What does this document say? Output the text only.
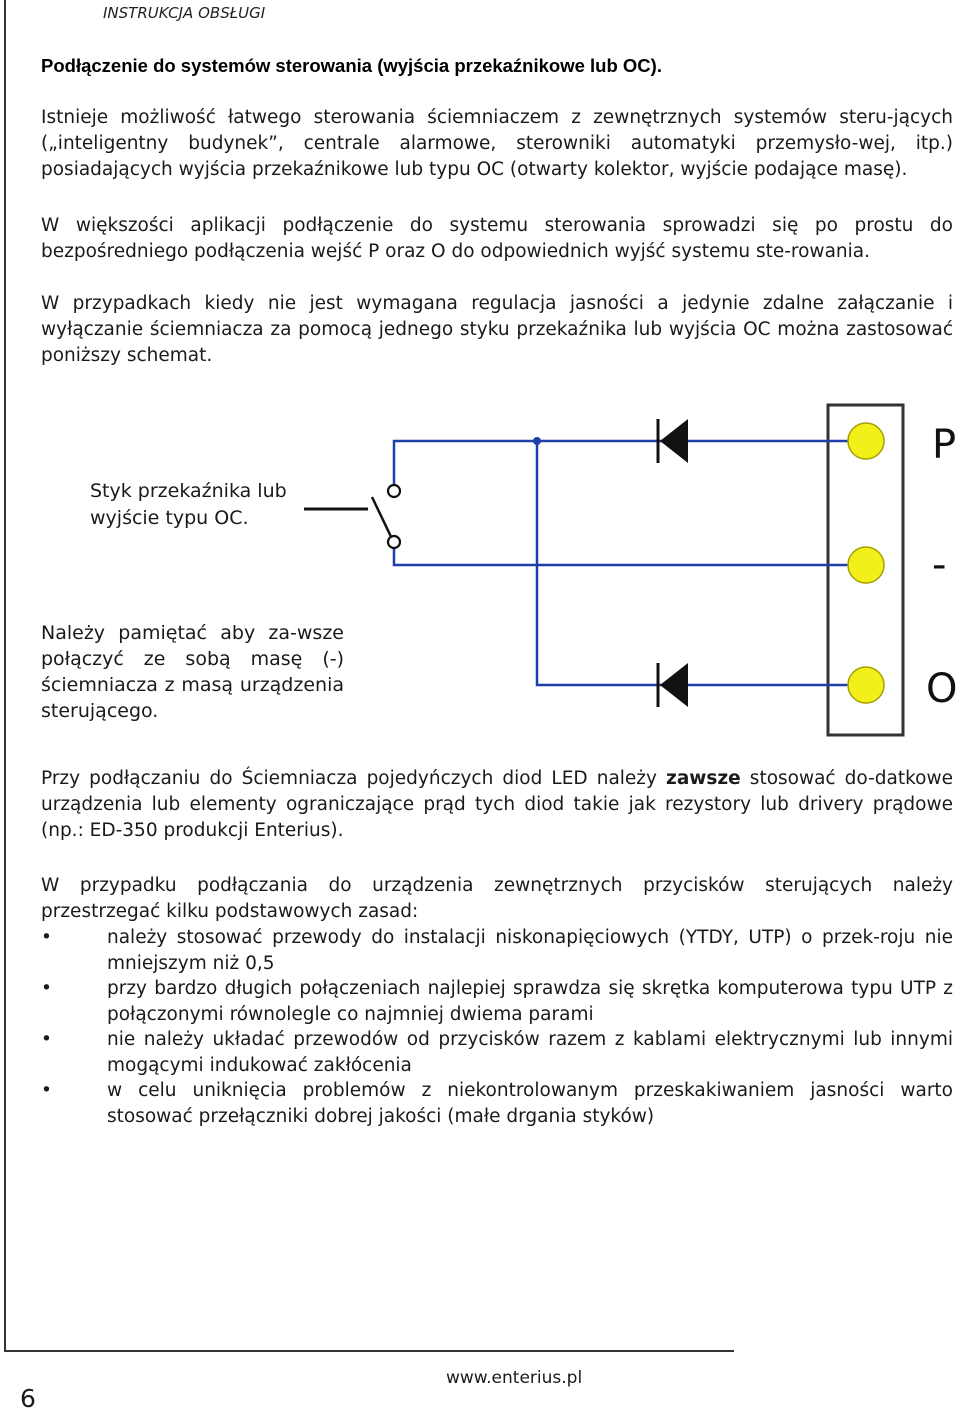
INSTRUKCJA OBSŁUGI
Podłączenie do systemów sterowania (wyjścia przekaźnikowe lub OC).

Istnieje możliwość łatwego sterowania ściemniaczem z zewnętrznych systemów steru-jących („inteligentny budynek”, centrale alarmowe, sterowniki automatyki przemysło-wej, itp.) posiadających wyjścia przekaźnikowe lub typu OC (otwarty kolektor, wyjście podające masę).

W większości aplikacji podłączenie do systemu sterowania sprowadzi się po prostu do bezpośredniego podłączenia wejść P oraz O do odpowiednich wyjść systemu ste-rowania.

W przypadkach kiedy nie jest wymagana regulacja jasności a jedynie zdalne załączanie i wyłączanie ściemniacza za pomocą jednego styku przekaźnika lub wyjścia OC można zastosować poniższy schemat.

P
-
O

Styk przekaźnika lub wyjście typu OC.

Należy pamiętać aby za-wsze połączyć ze sobą masę (-) ściemniacza z masą urządzenia sterującego.

Przy podłączaniu do Ściemniacza pojedyńczych diod LED należy zawsze stosować do-datkowe urządzenia lub elementy ograniczające prąd tych diod takie jak rezystory lub drivery prądowe (np.: ED-350 produkcji Enterius).

W przypadku podłączania do urządzenia zewnętrznych przycisków sterujących należy przestrzegać kilku podstawowych zasad:

•	należy stosować przewody do instalacji niskonapięciowych (YTDY, UTP) o przek-roju nie mniejszym niż 0,5
•	przy bardzo długich połączeniach najlepiej sprawdza się skrętka komputerowa typu UTP z połączonymi równolegle co najmniej dwiema parami
•	nie należy układać przewodów od przycisków razem z kablami elektrycznymi lub innymi mogącymi indukować zakłócenia
•	w celu uniknięcia problemów z niekontrolowanym przeskakiwaniem jasności warto stosować przełączniki dobrej jakości (małe drgania styków)
www.enterius.pl
6
